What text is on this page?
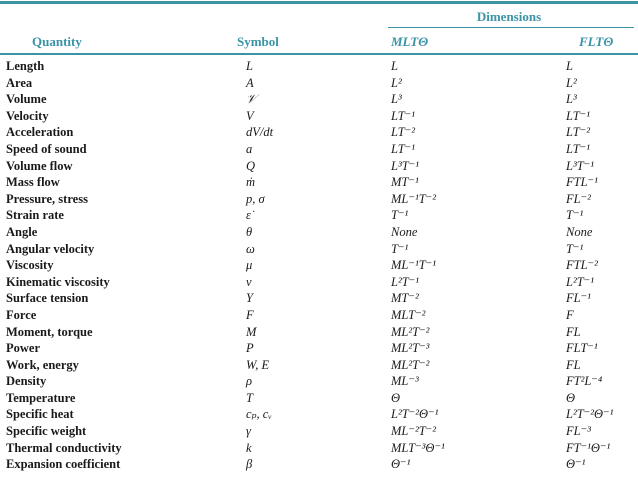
Dimensions
Quantity	Symbol	MLTΘ	FLTΘ
Length	L	L	L
Area	A	L²	L²
Volume	𝒱	L³	L³
Velocity	V	LT⁻¹	LT⁻¹
Acceleration	dV/dt	LT⁻²	LT⁻²
Speed of sound	a	LT⁻¹	LT⁻¹
Volume flow	Q	L³T⁻¹	L³T⁻¹
Mass flow	ṁ	MT⁻¹	FTL⁻¹
Pressure, stress	p, σ	ML⁻¹T⁻²	FL⁻²
Strain rate	ε̇	T⁻¹	T⁻¹
Angle	θ	None	None
Angular velocity	ω	T⁻¹	T⁻¹
Viscosity	μ	ML⁻¹T⁻¹	FTL⁻²
Kinematic viscosity	ν	L²T⁻¹	L²T⁻¹
Surface tension	Υ	MT⁻²	FL⁻¹
Force	F	MLT⁻²	F
Moment, torque	M	ML²T⁻²	FL
Power	P	ML²T⁻³	FLT⁻¹
Work, energy	W, E	ML²T⁻²	FL
Density	ρ	ML⁻³	FT²L⁻⁴
Temperature	T	Θ	Θ
Specific heat	cₚ, cᵥ	L²T⁻²Θ⁻¹	L²T⁻²Θ⁻¹
Specific weight	γ	ML⁻²T⁻²	FL⁻³
Thermal conductivity	k	MLT⁻³Θ⁻¹	FT⁻¹Θ⁻¹
Expansion coefficient	β	Θ⁻¹	Θ⁻¹
